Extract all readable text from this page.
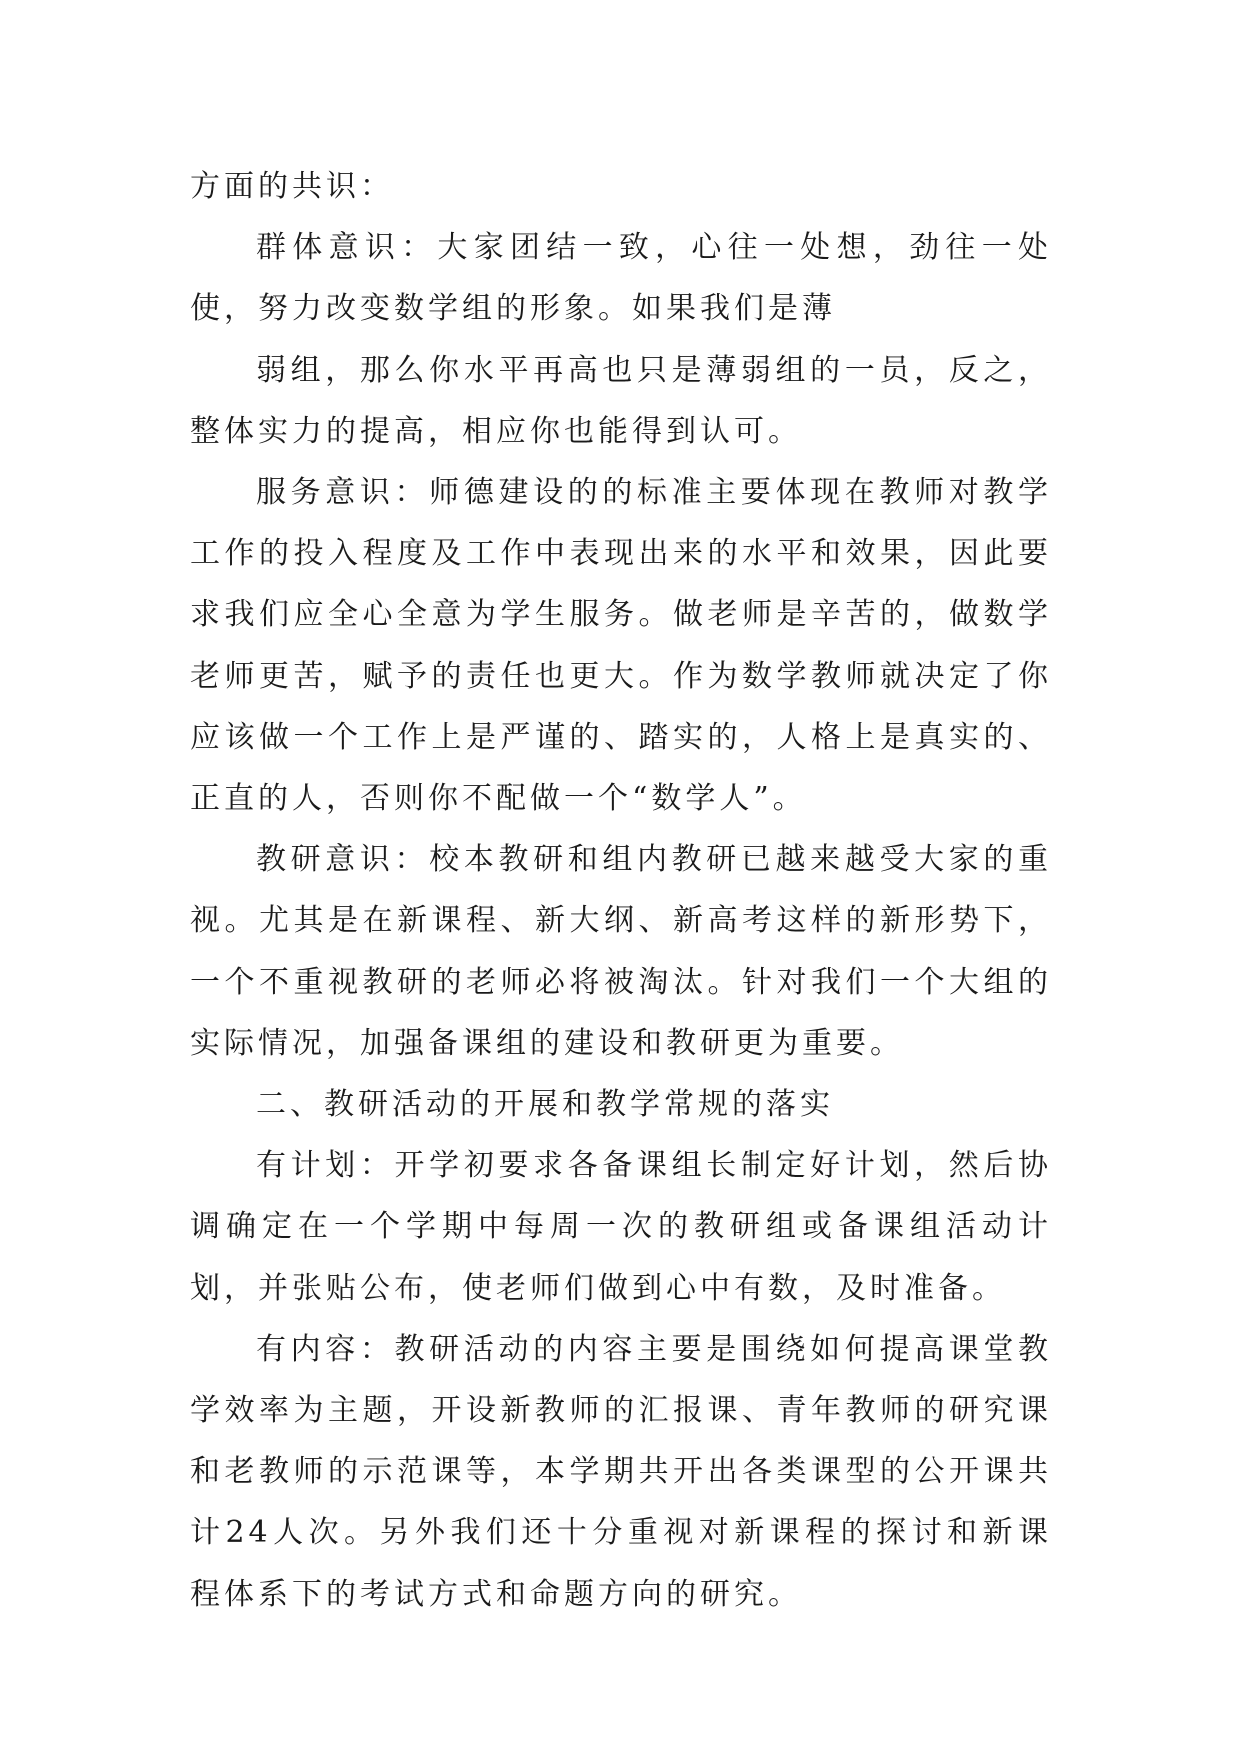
方面的共识：

群体意识：大家团结一致，心往一处想，劲往一处使，努力改变数学组的形象。如果我们是薄

弱组，那么你水平再高也只是薄弱组的一员，反之，整体实力的提高，相应你也能得到认可。

服务意识：师德建设的的标准主要体现在教师对教学工作的投入程度及工作中表现出来的水平和效果，因此要求我们应全心全意为学生服务。做老师是辛苦的，做数学老师更苦，赋予的责任也更大。作为数学教师就决定了你应该做一个工作上是严谨的、踏实的，人格上是真实的、正直的人，否则你不配做一个“数学人”。

教研意识：校本教研和组内教研已越来越受大家的重视。尤其是在新课程、新大纲、新高考这样的新形势下，一个不重视教研的老师必将被淘汰。针对我们一个大组的实际情况，加强备课组的建设和教研更为重要。

二、教研活动的开展和教学常规的落实

有计划：开学初要求各备课组长制定好计划，然后协调确定在一个学期中每周一次的教研组或备课组活动计划，并张贴公布，使老师们做到心中有数，及时准备。

有内容：教研活动的内容主要是围绕如何提高课堂教学效率为主题，开设新教师的汇报课、青年教师的研究课和老教师的示范课等，本学期共开出各类课型的公开课共计24人次。另外我们还十分重视对新课程的探讨和新课程体系下的考试方式和命题方向的研究。
